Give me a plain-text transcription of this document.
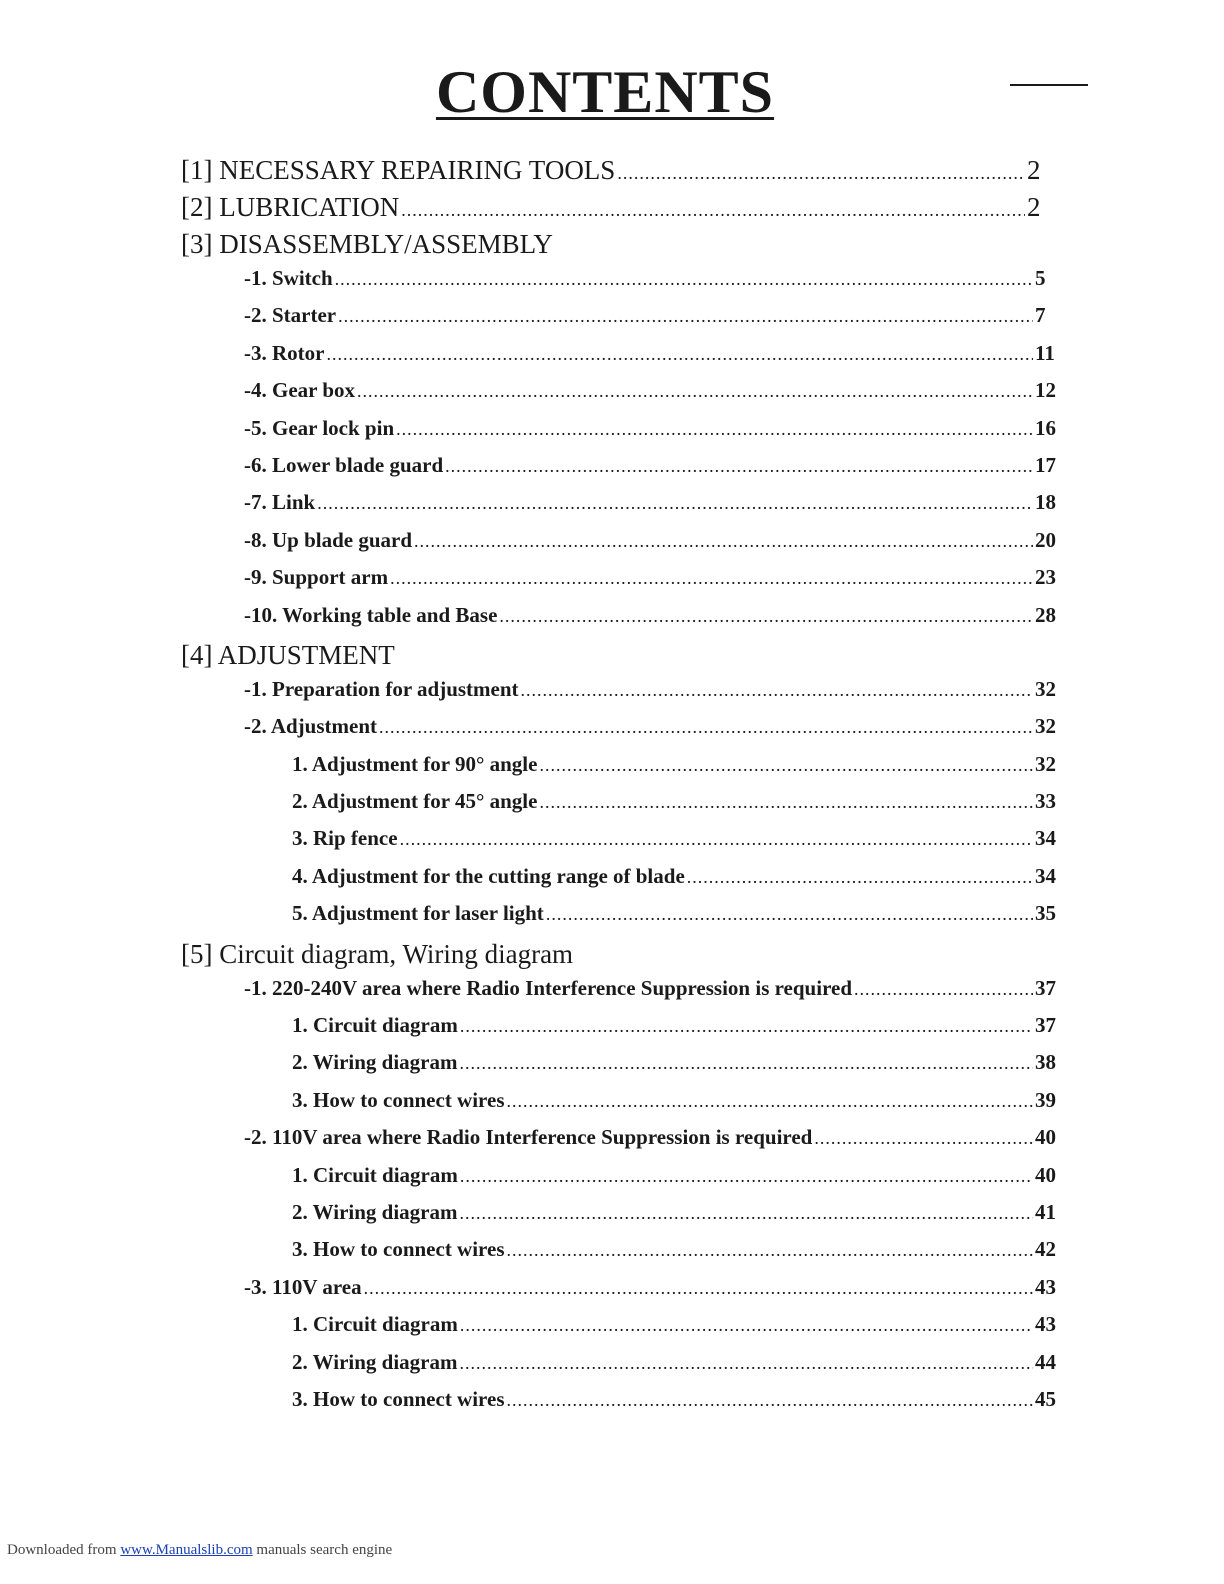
CONTENTS
[1] NECESSARY REPAIRING TOOLS .....	2
[2] LUBRICATION .....	2
[3] DISASSEMBLY/ASSEMBLY
-1. Switch .....	5
-2. Starter .....	7
-3. Rotor .....	11
-4. Gear box .....	12
-5. Gear lock pin .....	16
-6. Lower blade guard .....	17
-7. Link .....	18
-8. Up blade guard .....	20
-9. Support arm .....	23
-10. Working table and Base .....	28
[4] ADJUSTMENT
-1. Preparation for adjustment .....	32
-2. Adjustment .....	32
1. Adjustment for 90° angle .....	32
2. Adjustment for 45° angle .....	33
3. Rip fence .....	34
4. Adjustment for the cutting range of blade .....	34
5. Adjustment for laser light .....	35
[5] Circuit diagram, Wiring diagram
-1. 220-240V area where Radio Interference Suppression is required .....	37
1. Circuit diagram .....	37
2. Wiring diagram .....	38
3. How to connect wires .....	39
-2. 110V area where Radio Interference Suppression is required .....	40
1. Circuit diagram .....	40
2. Wiring diagram .....	41
3. How to connect wires .....	42
-3. 110V area .....	43
1. Circuit diagram .....	43
2. Wiring diagram .....	44
3. How to connect wires .....	45
Downloaded from www.Manualslib.com manuals search engine
